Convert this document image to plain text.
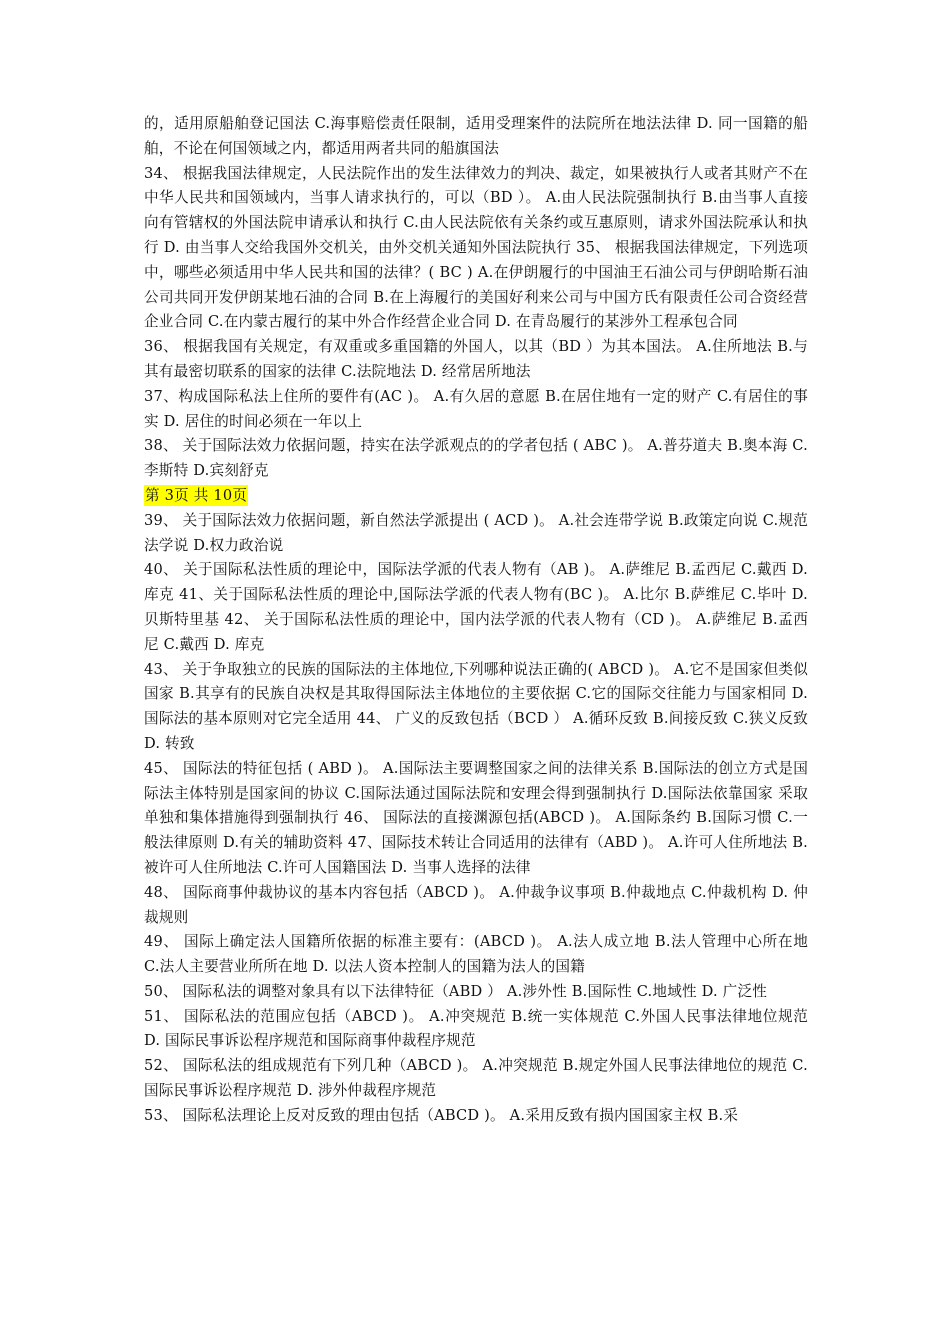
的，适用原船舶登记国法 C.海事赔偿责任限制，适用受理案件的法院所在地法法律 D. 同一国籍的船舶，不论在何国领域之内，都适用两者共同的船旗国法

34、 根据我国法律规定，人民法院作出的发生法律效力的判决、裁定，如果被执行人或者其财产不在中华人民共和国领域内，当事人请求执行的，可以（BD ）。 A.由人民法院强制执行 B.由当事人直接向有管辖权的外国法院申请承认和执行 C.由人民法院依有关条约或互惠原则，请求外国法院承认和执行 D. 由当事人交给我国外交机关，由外交机关通知外国法院执行 35、 根据我国法律规定，下列选项中，哪些必须适用中华人民共和国的法律？( BC ) A.在伊朗履行的中国油王石油公司与伊朗哈斯石油公司共同开发伊朗某地石油的合同 B.在上海履行的美国好利来公司与中国方氏有限责任公司合资经营企业合同 C.在内蒙古履行的某中外合作经营企业合同 D. 在青岛履行的某涉外工程承包合同

36、 根据我国有关规定，有双重或多重国籍的外国人，以其（BD ）为其本国法。 A.住所地法 B.与其有最密切联系的国家的法律 C.法院地法 D. 经常居所地法

37、构成国际私法上住所的要件有(AC )。 A.有久居的意愿 B.在居住地有一定的财产 C.有居住的事实 D. 居住的时间必须在一年以上

38、 关于国际法效力依据问题，持实在法学派观点的的学者包括 ( ABC )。 A.普芬道夫 B.奥本海 C.李斯特 D.宾刻舒克

第 3页 共 10页

39、 关于国际法效力依据问题，新自然法学派提出 ( ACD )。 A.社会连带学说 B.政策定向说 C.规范法学说 D.权力政治说

40、 关于国际私法性质的理论中，国际法学派的代表人物有（AB )。 A.萨维尼 B.孟西尼 C.戴西 D. 库克 41、关于国际私法性质的理论中,国际法学派的代表人物有(BC )。 A.比尔 B.萨维尼 C.毕叶 D. 贝斯特里基 42、 关于国际私法性质的理论中，国内法学派的代表人物有（CD )。 A.萨维尼 B.孟西尼 C.戴西 D. 库克

43、 关于争取独立的民族的国际法的主体地位,下列哪种说法正确的( ABCD )。 A.它不是国家但类似国家 B.其享有的民族自决权是其取得国际法主体地位的主要依据 C.它的国际交往能力与国家相同 D.国际法的基本原则对它完全适用 44、 广义的反致包括（BCD ） A.循环反致 B.间接反致 C.狭义反致 D. 转致

45、 国际法的特征包括 ( ABD )。 A.国际法主要调整国家之间的法律关系 B.国际法的创立方式是国际法主体特别是国家间的协议 C.国际法通过国际法院和安理会得到强制执行 D.国际法依靠国家 采取单独和集体措施得到强制执行 46、 国际法的直接渊源包括(ABCD )。 A.国际条约 B.国际习惯 C.一般法律原则 D.有关的辅助资料 47、国际技术转让合同适用的法律有（ABD )。 A.许可人住所地法 B.被许可人住所地法 C.许可人国籍国法 D. 当事人选择的法律

48、 国际商事仲裁协议的基本内容包括（ABCD )。 A.仲裁争议事项 B.仲裁地点 C.仲裁机构 D. 仲裁规则

49、 国际上确定法人国籍所依据的标准主要有：(ABCD )。 A.法人成立地 B.法人管理中心所在地 C.法人主要营业所所在地 D. 以法人资本控制人的国籍为法人的国籍

50、 国际私法的调整对象具有以下法律特征（ABD ） A.涉外性 B.国际性 C.地域性 D. 广泛性

51、 国际私法的范围应包括（ABCD )。 A.冲突规范 B.统一实体规范 C.外国人民事法律地位规范 D. 国际民事诉讼程序规范和国际商事仲裁程序规范

52、 国际私法的组成规范有下列几种（ABCD )。 A.冲突规范 B.规定外国人民事法律地位的规范 C.国际民事诉讼程序规范 D. 涉外仲裁程序规范

53、 国际私法理论上反对反致的理由包括（ABCD )。 A.采用反致有损内国国家主权 B.采
